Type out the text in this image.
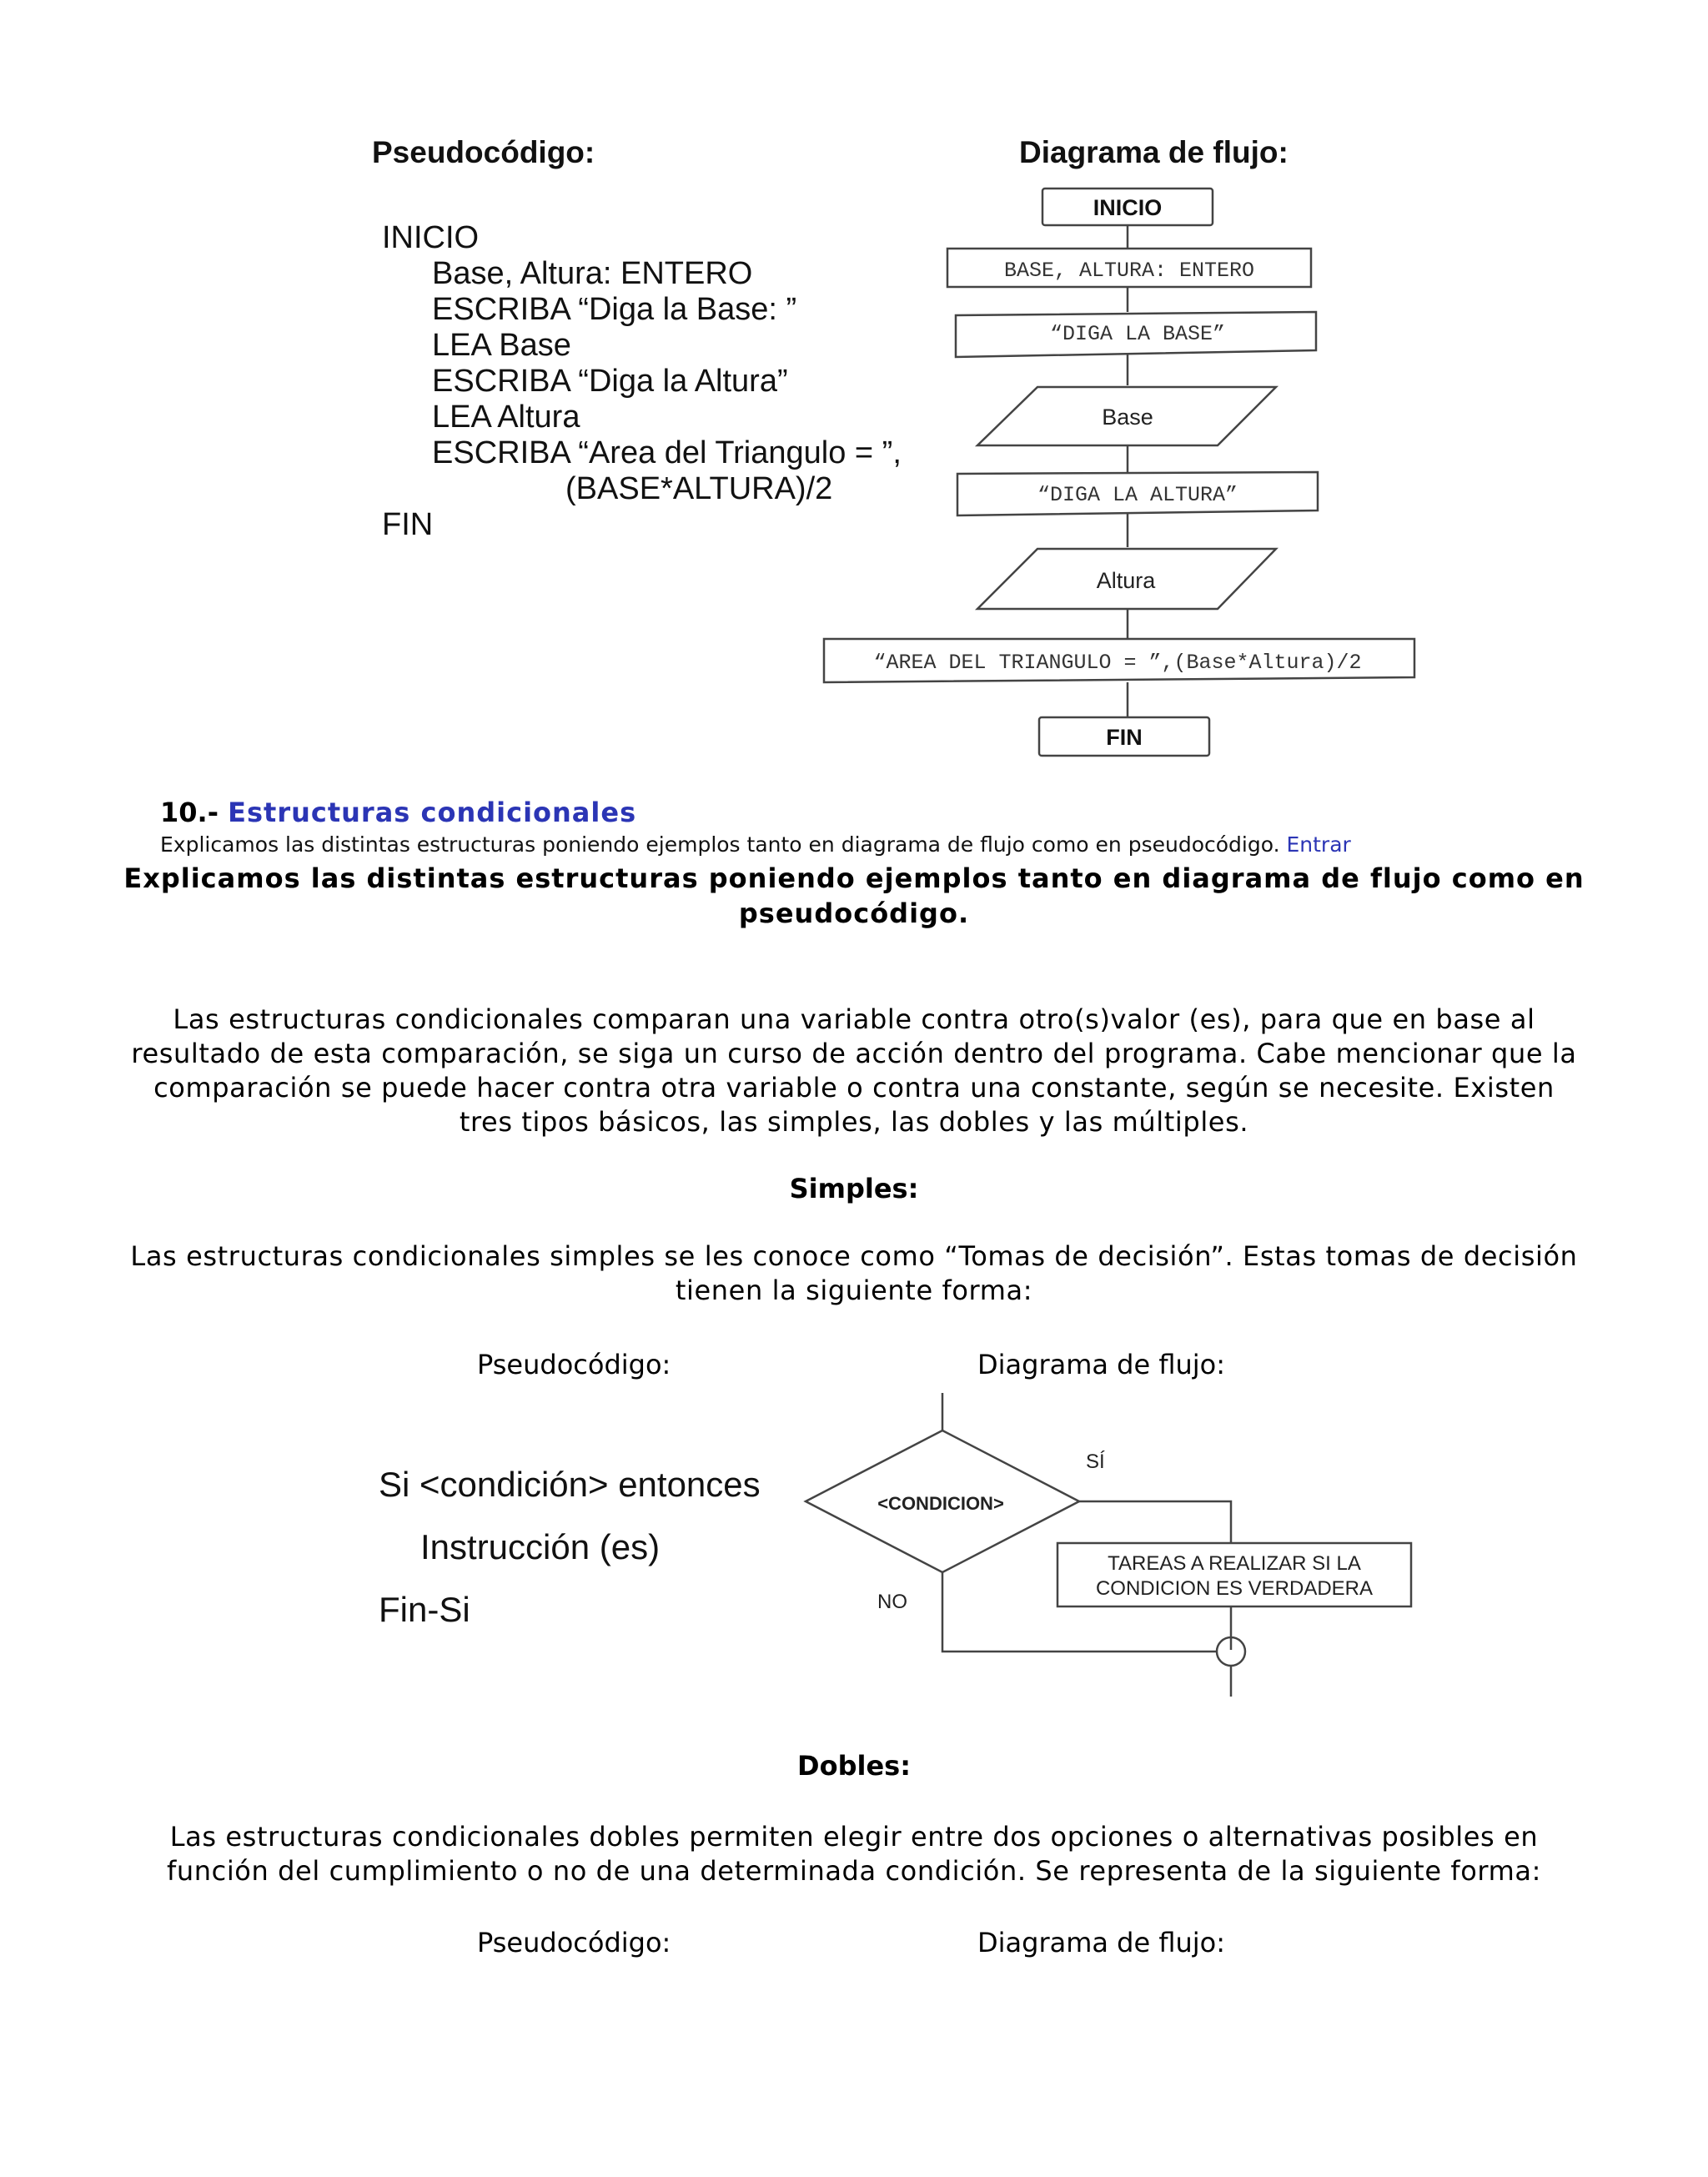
Pseudocódigo:	Diagrama de flujo:
INICIO
Base, Altura: ENTERO
ESCRIBA “Diga la Base: ”
LEA Base
ESCRIBA “Diga la Altura”
LEA Altura
ESCRIBA “Area del Triangulo = ”,
(BASE*ALTURA)/2
FIN
INICIO
BASE, ALTURA: ENTERO
“DIGA LA BASE”
Base
“DIGA LA ALTURA”
Altura
“AREA DEL TRIANGULO = ”,(Base*Altura)/2
FIN
10.- Estructuras condicionales
Explicamos las distintas estructuras poniendo ejemplos tanto en diagrama de flujo como en pseudocódigo. Entrar
Explicamos las distintas estructuras poniendo ejemplos tanto en diagrama de flujo como en
pseudocódigo.
Las estructuras condicionales comparan una variable contra otro(s)valor (es), para que en base al
resultado de esta comparación, se siga un curso de acción dentro del programa. Cabe mencionar que la
comparación se puede hacer contra otra variable o contra una constante, según se necesite. Existen
tres tipos básicos, las simples, las dobles y las múltiples.
Simples:
Las estructuras condicionales simples se les conoce como “Tomas de decisión”. Estas tomas de decisión
tienen la siguiente forma:
Pseudocódigo:	Diagrama de flujo:
Si <condición> entonces
Instrucción (es)
Fin-Si
<CONDICION>
SÍ
NO
TAREAS A REALIZAR SI LA
CONDICION ES VERDADERA
Dobles:
Las estructuras condicionales dobles permiten elegir entre dos opciones o alternativas posibles en
función del cumplimiento o no de una determinada condición. Se representa de la siguiente forma:
Pseudocódigo:	Diagrama de flujo:
